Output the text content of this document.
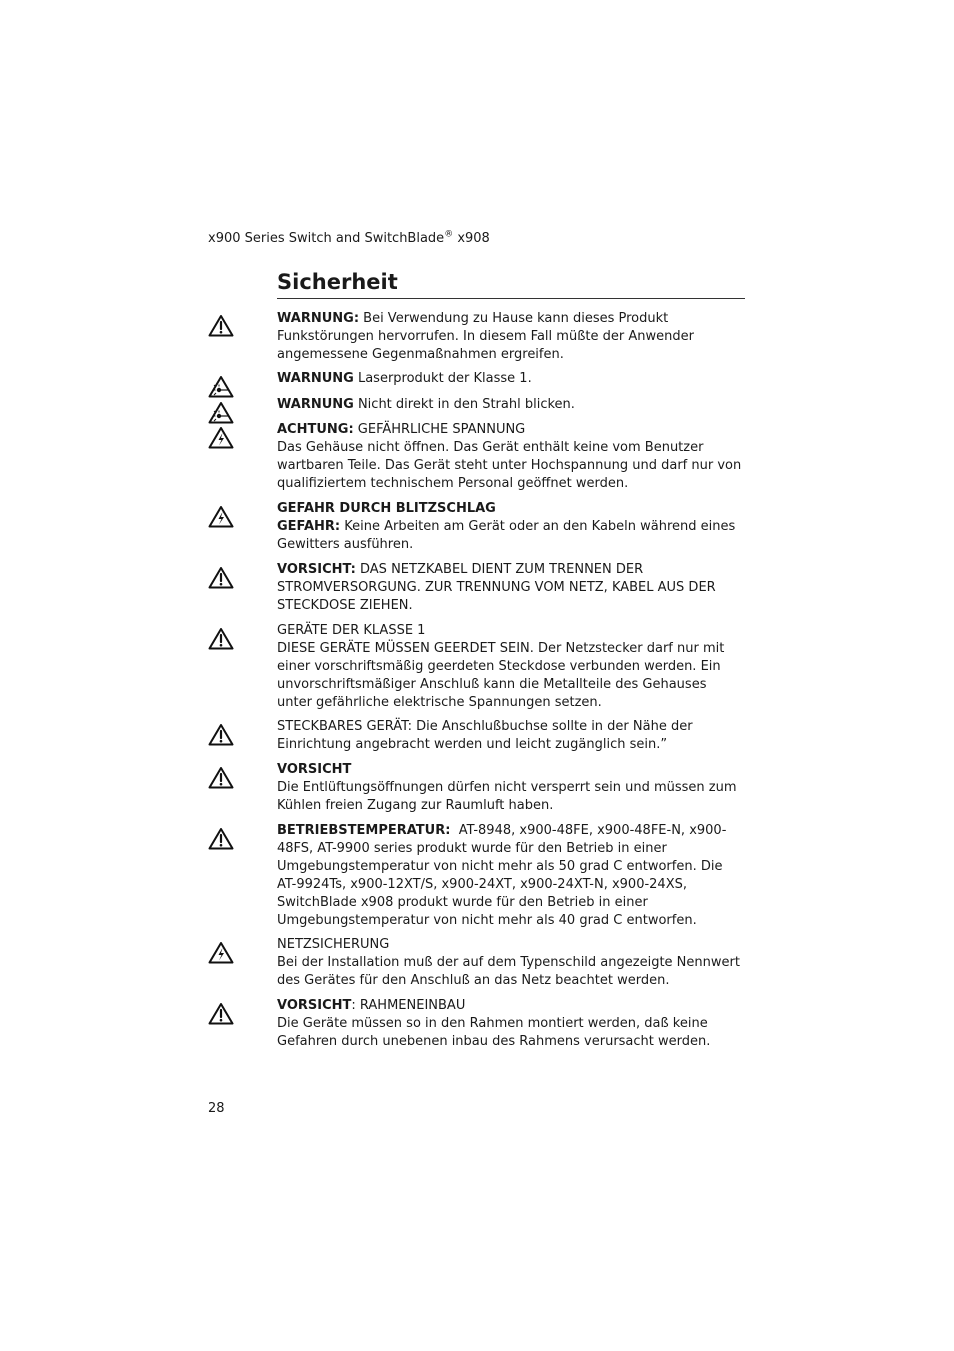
x900 Series Switch and SwitchBlade® x908
Sicherheit

WARNUNG: Bei Verwendung zu Hause kann dieses Produkt Funkstörungen hervorrufen. In diesem Fall müßte der Anwender angemessene Gegenmaßnahmen ergreifen.

WARNUNG Laserprodukt der Klasse 1.

WARNUNG Nicht direkt in den Strahl blicken.

ACHTUNG: GEFÄHRLICHE SPANNUNG

Das Gehäuse nicht öffnen. Das Gerät enthält keine vom Benutzer wartbaren Teile. Das Gerät steht unter Hochspannung und darf nur von qualifiziertem technischem Personal geöffnet werden.

GEFAHR DURCH BLITZSCHLAG

GEFAHR: Keine Arbeiten am Gerät oder an den Kabeln während eines Gewitters ausführen.

VORSICHT: DAS NETZKABEL DIENT ZUM TRENNEN DER STROMVERSORGUNG. ZUR TRENNUNG VOM NETZ, KABEL AUS DER STECKDOSE ZIEHEN.

GERÄTE DER KLASSE 1

DIESE GERÄTE MÜSSEN GEERDET SEIN. Der Netzstecker darf nur mit einer vorschriftsmäßig geerdeten Steckdose verbunden werden. Ein unvorschriftsmäßiger Anschluß kann die Metallteile des Gehauses unter gefährliche elektrische Spannungen setzen.

STECKBARES GERÄT: Die Anschlußbuchse sollte in der Nähe der Einrichtung angebracht werden und leicht zugänglich sein.”

VORSICHT

Die Entlüftungsöffnungen dürfen nicht versperrt sein und müssen zum Kühlen freien Zugang zur Raumluft haben.

BETRIEBSTEMPERATUR:  AT-8948, x900-48FE, x900-48FE-N, x900-48FS, AT-9900 series produkt wurde für den Betrieb in einer Umgebungstemperatur von nicht mehr als 50 grad C entworfen. Die AT-9924Ts, x900-12XT/S, x900-24XT, x900-24XT-N, x900-24XS, SwitchBlade x908 produkt wurde für den Betrieb in einer Umgebungstemperatur von nicht mehr als 40 grad C entworfen.

NETZSICHERUNG

Bei der Installation muß der auf dem Typenschild angezeigte Nennwert des Gerätes für den Anschluß an das Netz beachtet werden.

VORSICHT: RAHMENEINBAU

Die Geräte müssen so in den Rahmen montiert werden, daß keine Gefahren durch unebenen inbau des Rahmens verursacht werden.

28
